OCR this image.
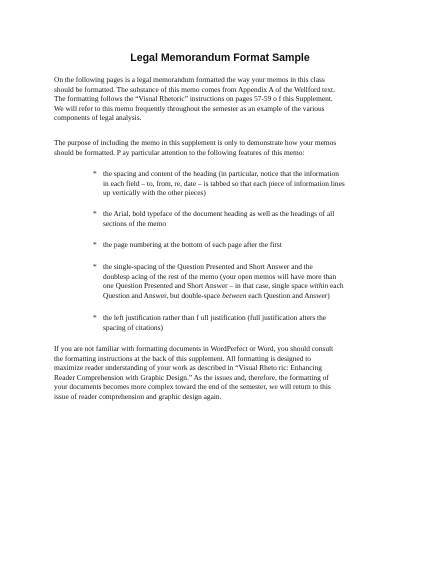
Legal Memorandum Format Sample

On the following pages is a legal memorandum formatted the way your memos in this class
should be formatted. The substance of this memo comes from Appendix A of the Wellford text.
The formatting follows the “Visual Rhetoric” instructions on pages 57-59 o f this Supplement.
We will refer to this memo frequently throughout the semester as an example of the various
components of legal analysis.

The purpose of including the memo in this supplement is only to demonstrate how your memos
should be formatted. P ay particular attention to the following features of this memo:

* the spacing and content of the heading (in particular, notice that the information
in each field – to, from, re, date – is tabbed so that each piece of information lines
up vertically with the other pieces)
* the Arial, bold typeface of the document heading as well as the headings of all
sections of the memo
* the page numbering at the bottom of each page after the first
* the single-spacing of the Question Presented and Short Answer and the
doublesp acing of the rest of the memo (your open memos will have more than
one Question Presented and Short Answer – in that case, single space within each
Question and Answer, but double-space between each Question and Answer)
* the left justification rather than f ull justification (full justification alters the
spacing of citations)

If you are not familiar with formatting documents in WordPerfect or Word, you should consult
the formatting instructions at the back of this supplement. All formatting is designed to
maximize reader understanding of your work as described in “Visual Rheto ric: Enhancing
Reader Comprehension with Graphic Design.” As the issues and, therefore, the formatting of
your documents becomes more complex toward the end of the semester, we will return to this
issue of reader comprehension and graphic design again.
